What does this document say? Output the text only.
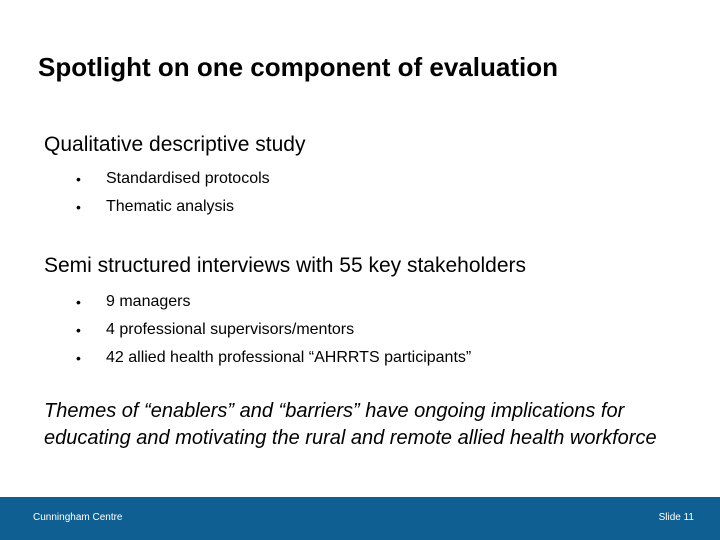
Spotlight on one component of evaluation
Qualitative descriptive study
• Standardised protocols
• Thematic analysis
Semi structured interviews with 55 key stakeholders
• 9 managers
• 4 professional supervisors/mentors
• 42 allied health professional “AHRRTS participants”
Themes of “enablers” and “barriers” have ongoing implications for educating and motivating the rural and remote allied health workforce
Cunningham Centre	Slide 11
